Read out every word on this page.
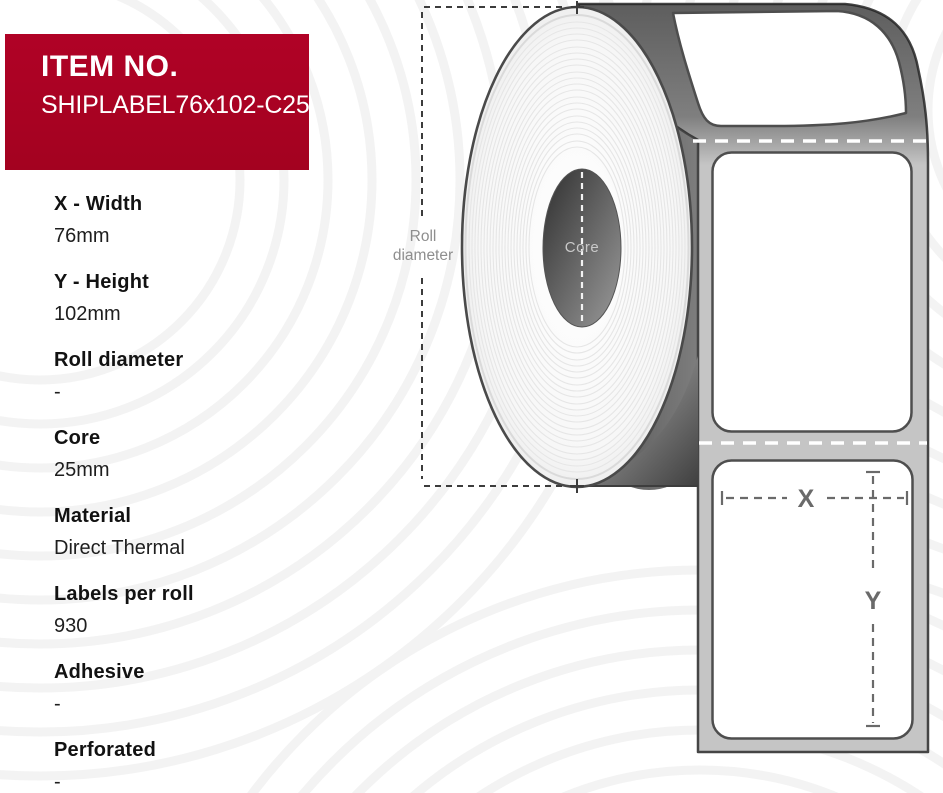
ITEM NO.
SHIPLABEL76x102-C25
X - Width
76mm
Y - Height
102mm
Roll diameter
-
Core
25mm
Material
Direct Thermal
Labels per roll
930
Adhesive
-
Perforated
-
Core
Roll
diameter
X
Y
